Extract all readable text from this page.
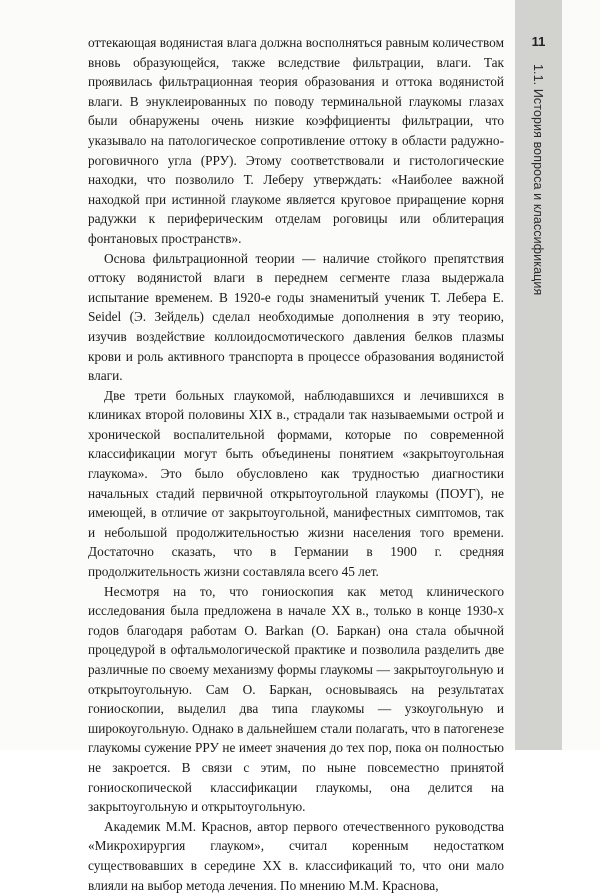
оттекающая водянистая влага должна восполняться равным количеством вновь образующейся, также вследствие фильтрации, влаги. Так проявилась фильтрационная теория образования и оттока водянистой влаги. В энуклеированных по поводу терминальной глаукомы глазах были обнаружены очень низкие коэффициенты фильтрации, что указывало на патологическое сопротивление оттоку в области радужно-роговичного угла (РРУ). Этому соответствовали и гистологические находки, что позволило Т. Леберу утверждать: «Наиболее важной находкой при истинной глаукоме является круговое приращение корня радужки к периферическим отделам роговицы или облитерация фонтановых пространств».

Основа фильтрационной теории — наличие стойкого препятствия оттоку водянистой влаги в переднем сегменте глаза выдержала испытание временем. В 1920-е годы знаменитый ученик Т. Лебера E. Seidel (Э. Зейдель) сделал необходимые дополнения в эту теорию, изучив воздействие коллоидосмотического давления белков плазмы крови и роль активного транспорта в процессе образования водянистой влаги.

Две трети больных глаукомой, наблюдавшихся и лечившихся в клиниках второй половины XIX в., страдали так называемыми острой и хронической воспалительной формами, которые по современной классификации могут быть объединены понятием «закрытоугольная глаукома». Это было обусловлено как трудностью диагностики начальных стадий первичной открытоугольной глаукомы (ПОУГ), не имеющей, в отличие от закрытоугольной, манифестных симптомов, так и небольшой продолжительностью жизни населения того времени. Достаточно сказать, что в Германии в 1900 г. средняя продолжительность жизни составляла всего 45 лет.

Несмотря на то, что гониоскопия как метод клинического исследования была предложена в начале XX в., только в конце 1930-х годов благодаря работам O. Barkan (О. Баркан) она стала обычной процедурой в офтальмологической практике и позволила разделить две различные по своему механизму формы глаукомы — закрытоугольную и открытоугольную. Сам O. Баркан, основываясь на результатах гониоскопии, выделил два типа глаукомы — узкоугольную и широкоугольную. Однако в дальнейшем стали полагать, что в патогенезе глаукомы сужение РРУ не имеет значения до тех пор, пока он полностью не закроется. В связи с этим, по ныне повсеместно принятой гониоскопической классификации глаукомы, она делится на закрытоугольную и открытоугольную.

Академик М.М. Краснов, автор первого отечественного руководства «Микрохирургия глауком», считал коренным недостатком существовавших в середине XX в. классификаций то, что они мало влияли на выбор метода лечения. По мнению М.М. Краснова,

11
1.1. История вопроса и классификация
